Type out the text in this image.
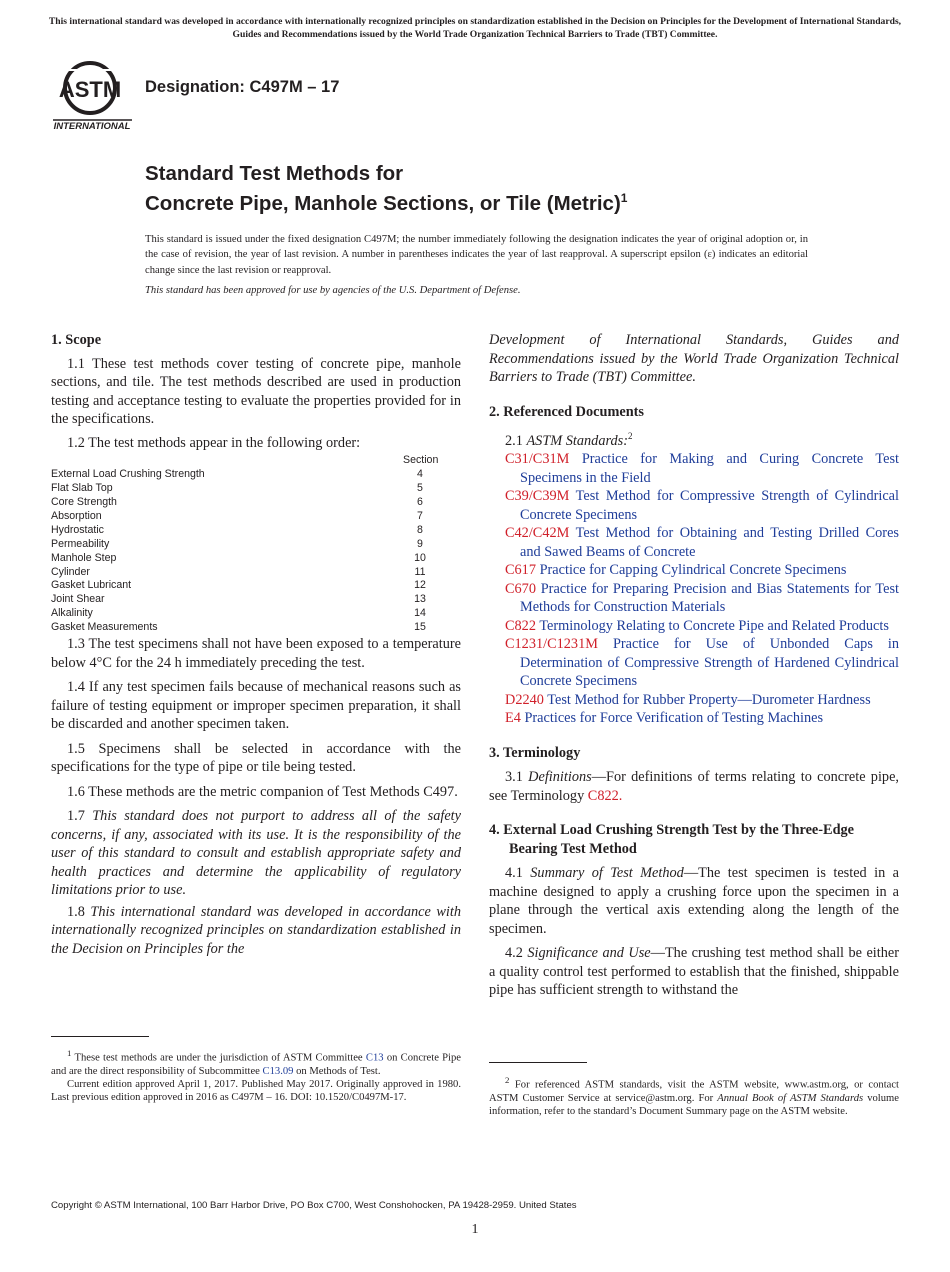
This international standard was developed in accordance with internationally recognized principles on standardization established in the Decision on Principles for the Development of International Standards, Guides and Recommendations issued by the World Trade Organization Technical Barriers to Trade (TBT) Committee.
ASTM
INTERNATIONAL
Designation: C497M – 17
Standard Test Methods for
Concrete Pipe, Manhole Sections, or Tile (Metric)$^1$
This standard is issued under the fixed designation C497M; the number immediately following the designation indicates the year of original adoption or, in the case of revision, the year of last revision. A number in parentheses indicates the year of last reapproval. A superscript epsilon (ε) indicates an editorial change since the last revision or reapproval.
This standard has been approved for use by agencies of the U.S. Department of Defense.
1. Scope

1.1 These test methods cover testing of concrete pipe, manhole sections, and tile. The test methods described are used in production testing and acceptance testing to evaluate the properties provided for in the specifications.

1.2 The test methods appear in the following order:

Section
External Load Crushing Strength	4
Flat Slab Top	5
Core Strength	6
Absorption	7
Hydrostatic	8
Permeability	9
Manhole Step	10
Cylinder	11
Gasket Lubricant	12
Joint Shear	13
Alkalinity	14
Gasket Measurements	15

1.3 The test specimens shall not have been exposed to a temperature below 4°C for the 24 h immediately preceding the test.

1.4 If any test specimen fails because of mechanical reasons such as failure of testing equipment or improper specimen preparation, it shall be discarded and another specimen taken.

1.5 Specimens shall be selected in accordance with the specifications for the type of pipe or tile being tested.

1.6 These methods are the metric companion of Test Methods C497.

1.7 This standard does not purport to address all of the safety concerns, if any, associated with its use. It is the responsibility of the user of this standard to consult and establish appropriate safety and health practices and determine the applicability of regulatory limitations prior to use.

1.8 This international standard was developed in accordance with internationally recognized principles on standardization established in the Decision on Principles for the

$^1$ These test methods are under the jurisdiction of ASTM Committee C13 on Concrete Pipe and are the direct responsibility of Subcommittee C13.09 on Methods of Test.

Current edition approved April 1, 2017. Published May 2017. Originally approved in 1980. Last previous edition approved in 2016 as C497M – 16. DOI: 10.1520/C0497M-17.

Development of International Standards, Guides and Recommendations issued by the World Trade Organization Technical Barriers to Trade (TBT) Committee.

2. Referenced Documents

2.1 ASTM Standards:$^2$

C31/C31M Practice for Making and Curing Concrete Test Specimens in the Field

C39/C39M Test Method for Compressive Strength of Cylindrical Concrete Specimens

C42/C42M Test Method for Obtaining and Testing Drilled Cores and Sawed Beams of Concrete

C617 Practice for Capping Cylindrical Concrete Specimens

C670 Practice for Preparing Precision and Bias Statements for Test Methods for Construction Materials

C822 Terminology Relating to Concrete Pipe and Related Products

C1231/C1231M Practice for Use of Unbonded Caps in Determination of Compressive Strength of Hardened Cylindrical Concrete Specimens

D2240 Test Method for Rubber Property—Durometer Hardness

E4 Practices for Force Verification of Testing Machines

3. Terminology

3.1 Definitions—For definitions of terms relating to concrete pipe, see Terminology C822.

4. External Load Crushing Strength Test by the Three-Edge Bearing Test Method

4.1 Summary of Test Method—The test specimen is tested in a machine designed to apply a crushing force upon the specimen in a plane through the vertical axis extending along the length of the specimen.

4.2 Significance and Use—The crushing test method shall be either a quality control test performed to establish that the finished, shippable pipe has sufficient strength to withstand the

$^2$ For referenced ASTM standards, visit the ASTM website, www.astm.org, or contact ASTM Customer Service at service@astm.org. For Annual Book of ASTM Standards volume information, refer to the standard’s Document Summary page on the ASTM website.

Copyright © ASTM International, 100 Barr Harbor Drive, PO Box C700, West Conshohocken, PA 19428-2959. United States
1
